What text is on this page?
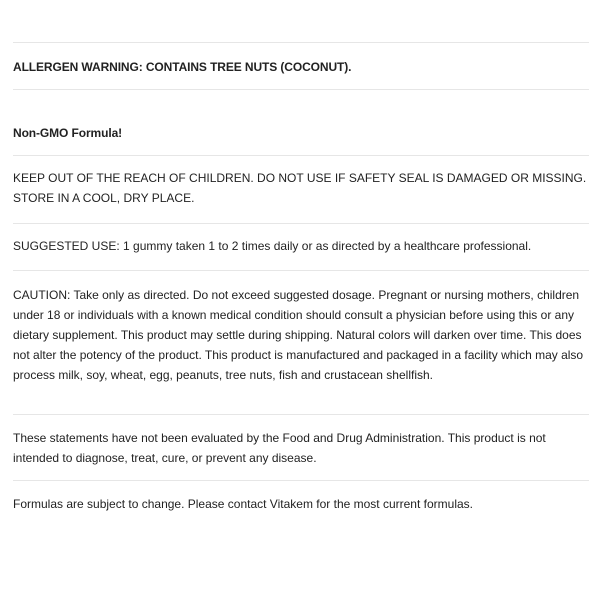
ALLERGEN WARNING: CONTAINS TREE NUTS (COCONUT).

Non-GMO Formula!

KEEP OUT OF THE REACH OF CHILDREN. DO NOT USE IF SAFETY SEAL IS DAMAGED OR MISSING. STORE IN A COOL, DRY PLACE.

SUGGESTED USE: 1 gummy taken 1 to 2 times daily or as directed by a healthcare professional.

CAUTION: Take only as directed. Do not exceed suggested dosage. Pregnant or nursing mothers, children under 18 or individuals with a known medical condition should consult a physician before using this or any dietary supplement. This product may settle during shipping. Natural colors will darken over time. This does not alter the potency of the product. This product is manufactured and packaged in a facility which may also process milk, soy, wheat, egg, peanuts, tree nuts, fish and crustacean shellfish.

These statements have not been evaluated by the Food and Drug Administration. This product is not intended to diagnose, treat, cure, or prevent any disease.

Formulas are subject to change. Please contact Vitakem for the most current formulas.
